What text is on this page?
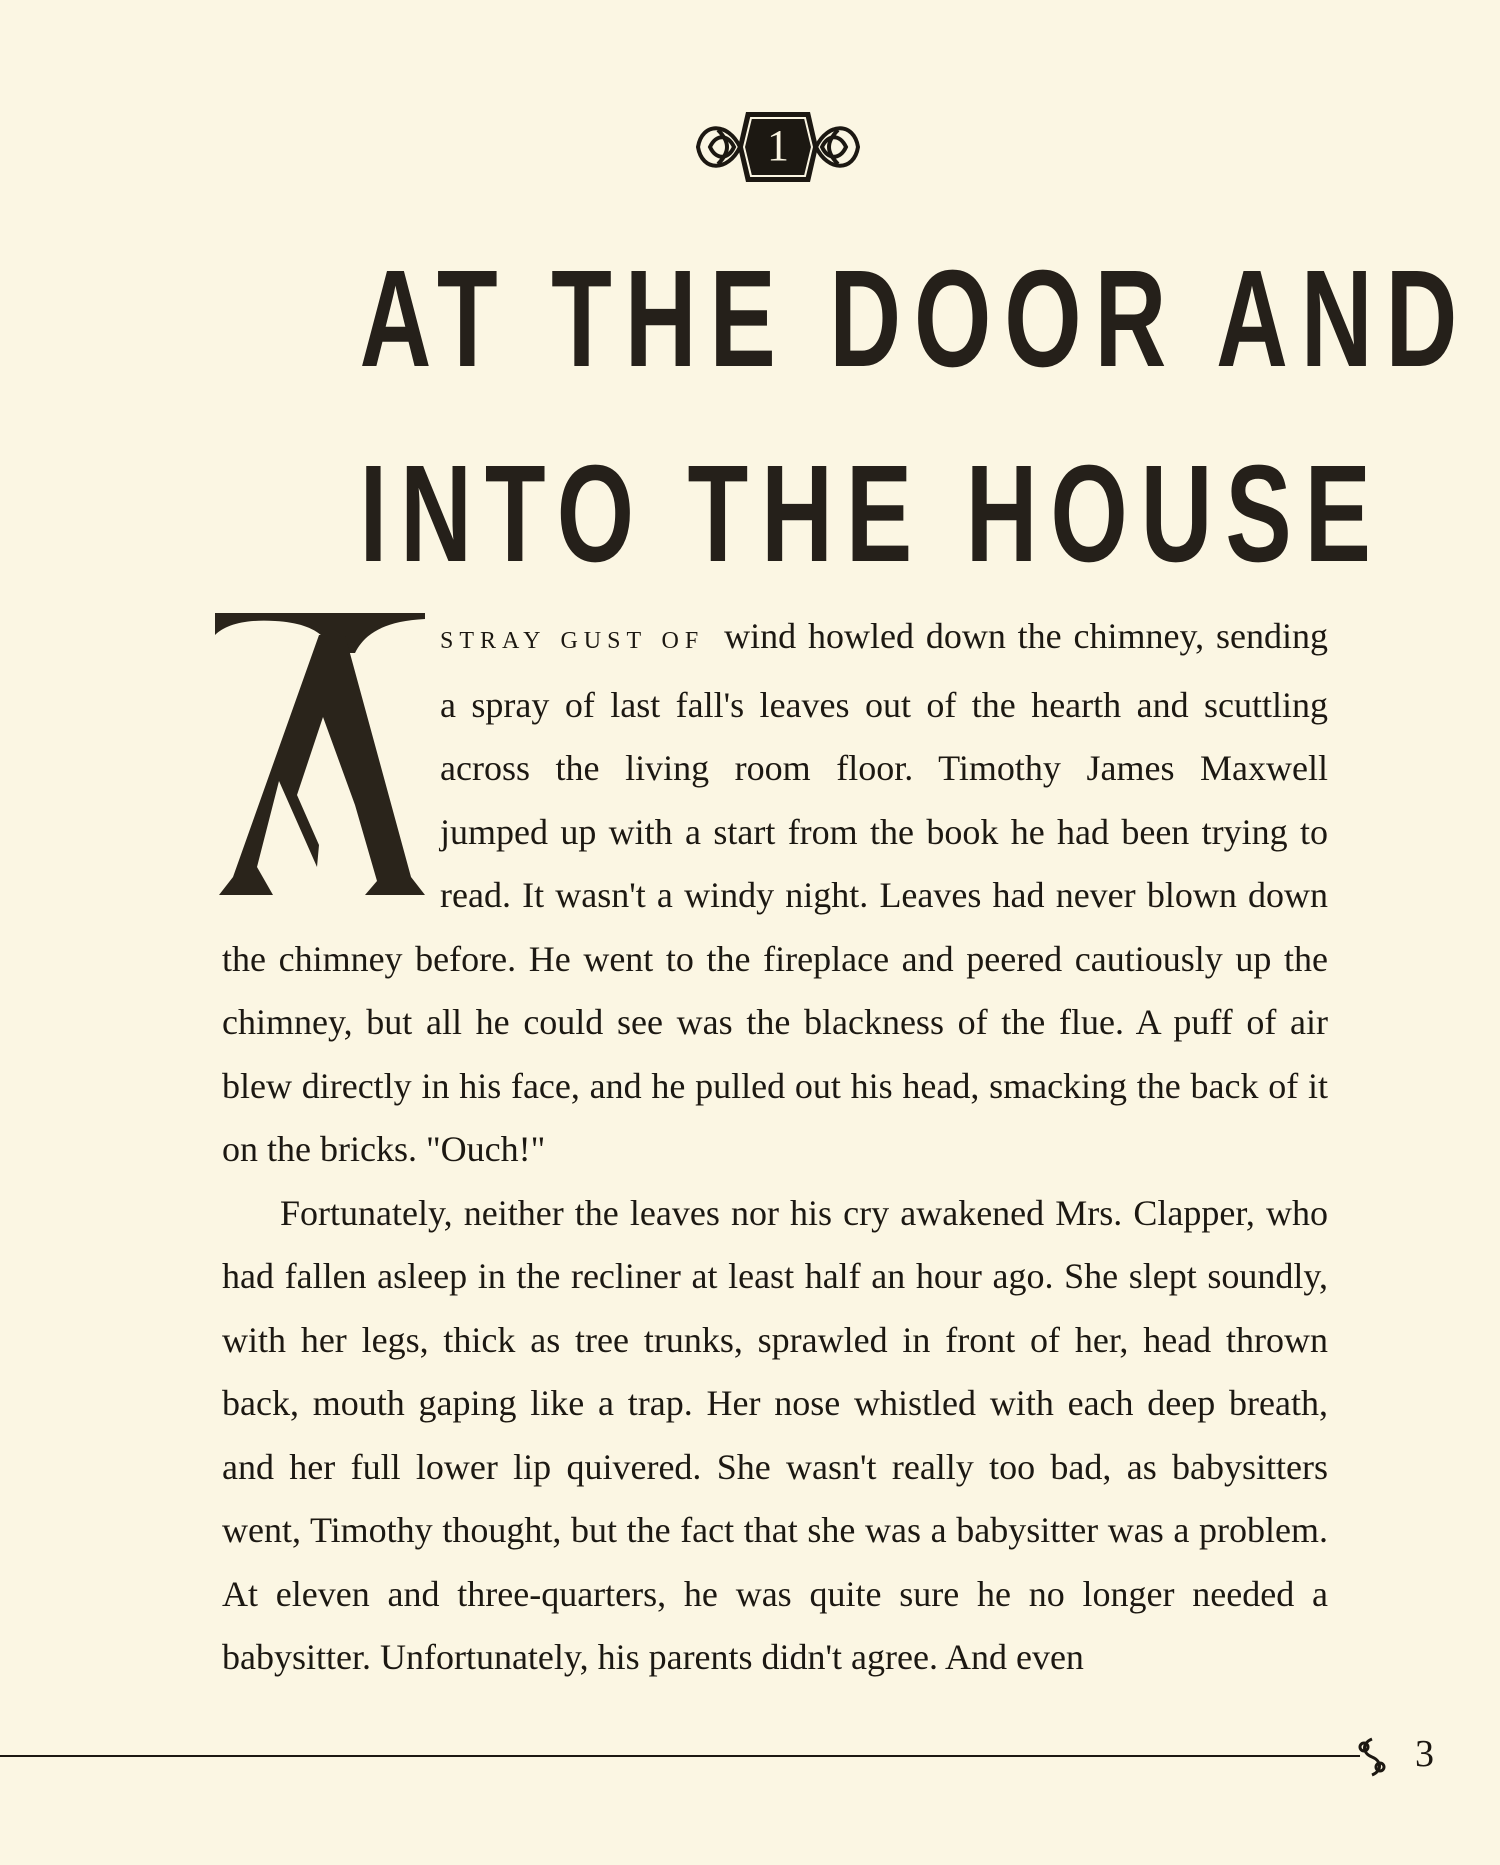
1
AT THE DOOR AND
INTO THE HOUSE

STRAY GUST OF wind howled down the chimney, sending a spray of last fall's leaves out of the hearth and scuttling across the living room floor. Timothy James Maxwell jumped up with a start from the book he had been trying to read. It wasn't a windy night. Leaves had never blown down the chimney before. He went to the fireplace and peered cautiously up the chimney, but all he could see was the blackness of the flue. A puff of air blew directly in his face, and he pulled out his head, smacking the back of it on the bricks. "Ouch!"

Fortunately, neither the leaves nor his cry awakened Mrs. Clapper, who had fallen asleep in the recliner at least half an hour ago. She slept soundly, with her legs, thick as tree trunks, sprawled in front of her, head thrown back, mouth gaping like a trap. Her nose whistled with each deep breath, and her full lower lip quivered. She wasn't really too bad, as babysitters went, Timothy thought, but the fact that she was a babysitter was a problem. At eleven and three-quarters, he was quite sure he no longer needed a babysitter. Unfortunately, his parents didn't agree. And even

3
